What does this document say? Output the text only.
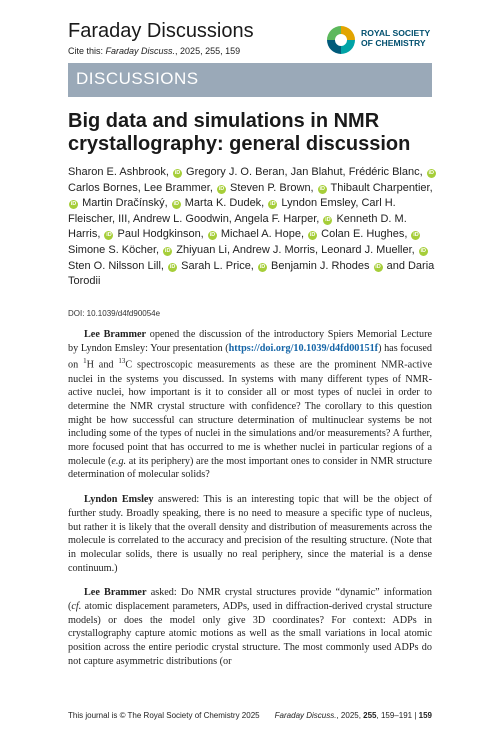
Faraday Discussions
Cite this: Faraday Discuss., 2025, 255, 159
ROYAL SOCIETY
OF CHEMISTRY
DISCUSSIONS
Big data and simulations in NMR crystallography: general discussion
Sharon E. Ashbrook, iD Gregory J. O. Beran, Jan Blahut, Frédéric Blanc, iD Carlos Bornes, Lee Brammer, iD Steven P. Brown, iD Thibault Charpentier, iD Martin Dračínský, iD Marta K. Dudek, iD Lyndon Emsley, Carl H. Fleischer, III, Andrew L. Goodwin, Angela F. Harper, iD Kenneth D. M. Harris, iD Paul Hodgkinson, iD Michael A. Hope, iD Colan E. Hughes, iD Simone S. Köcher, iD Zhiyuan Li, Andrew J. Morris, Leonard J. Mueller, iD Sten O. Nilsson Lill, iD Sarah L. Price, iD Benjamin J. Rhodes iD and Daria Torodii
DOI: 10.1039/d4fd90054e

Lee Brammer opened the discussion of the introductory Spiers Memorial Lecture by Lyndon Emsley: Your presentation (https://doi.org/10.1039/d4fd00151f) has focused on $^1$H and $^{13}$C spectroscopic measurements as these are the prominent NMR-active nuclei in the systems you discussed. In systems with many different types of NMR-active nuclei, how important is it to consider all or most types of nuclei in order to determine the NMR crystal structure with confidence? The corollary to this question might be how successful can structure determination of multinuclear systems be not including some of the types of nuclei in the simulations and/or measurements? A further, more focused point that has occurred to me is whether nuclei in particular regions of a molecule (e.g. at its periphery) are the most important ones to consider in NMR structure determination of molecular solids?

Lyndon Emsley answered: This is an interesting topic that will be the object of further study. Broadly speaking, there is no need to measure a specific type of nucleus, but rather it is likely that the overall density and distribution of measurements across the molecule is correlated to the accuracy and precision of the resulting structure. (Note that in molecular solids, there is usually no real periphery, since the material is a dense continuum.)

Lee Brammer asked: Do NMR crystal structures provide “dynamic” information (cf. atomic displacement parameters, ADPs, used in diffraction-derived crystal structure models) or does the model only give 3D coordinates? For context: ADPs in crystallography capture atomic motions as well as the small variations in local atomic position across the entire periodic crystal structure. The most commonly used ADPs do not capture asymmetric distributions (or

This journal is © The Royal Society of Chemistry 2025 Faraday Discuss., 2025, 255, 159–191 | 159
